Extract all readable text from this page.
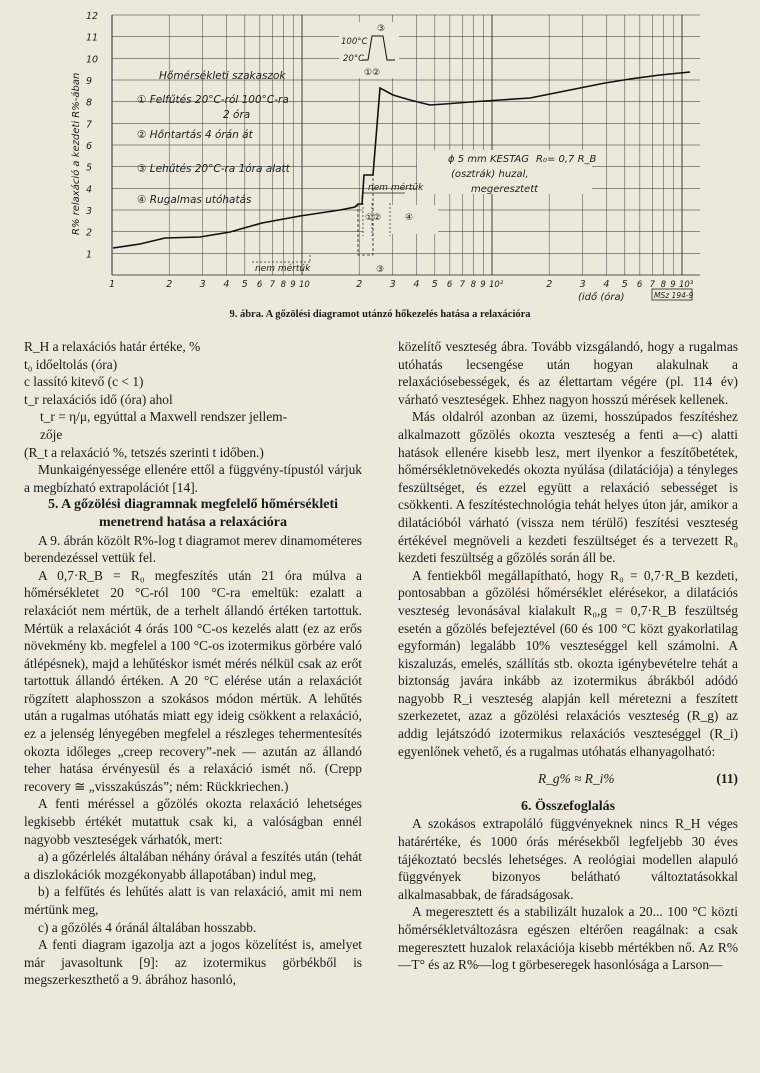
12
11
10
9
8
7
6
5
4
3
2
1
1	2	3 4 5 6 7 8 9 10	2	3 4 5 6 7 8 9 10²	2	3 4 5 6 7 8 9 10³
R% relaxáció a kezdeti R%-ában
(idő (óra)	MSz 194-9
Hőmérsékleti szakaszok
① Felfűtés 20°C-ról 100°C-ra
2 óra
② Hőntartás 4 órán át
③ Lehűtés 20°C-ra 1óra alatt
④ Rugalmas utóhatás
ϕ 5 mm KESTAG
(osztrák) huzal,
megeresztett
R₀= 0,7 R_B
100°C
20°C
①②
③
①②	④
③
nem mértük
nem mértük
9. ábra. A gőzölési diagramot utánzó hőkezelés hatása a relaxációra
R_H a relaxációs határ értéke, %
t₀ időeltolás (óra)
c lassító kitevő (c < 1)
t_r relaxációs idő (óra) ahol
t_r = η/μ, egyúttal a Maxwell rendszer jellem-
zője
(R_t a relaxáció %, tetszés szerinti t időben.)

Munkaigényessége ellenére ettől a függvény-típustól várjuk a megbízható extrapolációt [14].

5. A gőzölési diagramnak megfelelő hőmérsékleti menetrend hatása a relaxációra

A 9. ábrán közölt R%-log t diagramot merev dinamométeres berendezéssel vettük fel.

A 0,7·R_B = R₀ megfeszítés után 21 óra múlva a hőmérsékletet 20 °C-ról 100 °C-ra emeltük: ezalatt a relaxációt nem mértük, de a terhelt állandó értéken tartottuk. Mértük a relaxációt 4 órás 100 °C-os kezelés alatt (ez az erős növekmény kb. megfelel a 100 °C-os izotermikus görbére való átlépésnek), majd a lehűtéskor ismét mérés nélkül csak az erőt tartottuk állandó értéken. A 20 °C elérése után a relaxációt rögzített alaphosszon a szokásos módon mértük. A lehűtés után a rugalmas utóhatás miatt egy ideig csökkent a relaxáció, ez a jelenség lényegében megfelel a részleges tehermentesítés okozta időleges „creep recovery”-nek — azután az állandó teher hatása érvényesül és a relaxáció ismét nő. (Crepp recovery ≅ „visszakúszás”; ném: Rückkriechen.)

A fenti méréssel a gőzölés okozta relaxáció lehetséges legkisebb értékét mutattuk csak ki, a valóságban ennél nagyobb veszteségek várhatók, mert:

a) a gőzérlelés általában néhány órával a feszítés után (tehát a diszlokációk mozgékonyabb állapotában) indul meg,

b) a felfűtés és lehűtés alatt is van relaxáció, amit mi nem mértünk meg,

c) a gőzölés 4 óránál általában hosszabb.

A fenti diagram igazolja azt a jogos közelítést is, amelyet már javasoltunk [9]: az izotermikus görbékből is megszerkeszthető a 9. ábrához hasonló,

közelítő veszteség ábra. Tovább vizsgálandó, hogy a rugalmas utóhatás lecsengése után hogyan alakulnak a relaxációsebességek, és az élettartam végére (pl. 114 év) várható veszteségek. Ehhez nagyon hosszú mérések kellenek.

Más oldalról azonban az üzemi, hosszúpados feszítéshez alkalmazott gőzölés okozta veszteség a fenti a—c) alatti hatások ellenére kisebb lesz, mert ilyenkor a feszítőbetétek, hőmérsékletnövekedés okozta nyúlása (dilatációja) a tényleges feszültséget, és ezzel együtt a relaxáció sebességet is csökkenti. A feszítéstechnológia tehát helyes úton jár, amikor a dilatációból várható (vissza nem térülő) feszítési veszteség értékével megnöveli a kezdeti feszültséget és a tervezett R₀ kezdeti feszültség a gőzölés során áll be.

A fentiekből megállapítható, hogy R₀ = 0,7·R_B kezdeti, pontosabban a gőzölési hőmérséklet elérésekor, a dilatációs veszteség levonásával kialakult R₀,g = 0,7·R_B feszültség esetén a gőzölés befejeztével (60 és 100 °C közt gyakorlatilag egyformán) legalább 10% veszteséggel kell számolni. A kiszaluzás, emelés, szállítás stb. okozta igénybevételre tehát a biztonság javára inkább az izotermikus ábrákból adódó nagyobb R_i veszteség alapján kell méretezni a feszített szerkezetet, azaz a gőzölési relaxációs veszteség (R_g) az addig lejátszódó izotermikus relaxációs veszteséggel (R_i) egyenlőnek vehető, és a rugalmas utóhatás elhanyagolható:

R_g% ≈ R_i%	(11)

6. Összefoglalás

A szokásos extrapoláló függvényeknek nincs R_H véges határértéke, és 1000 órás mérésekből legfeljebb 30 éves tájékoztató becslés lehetséges. A reológiai modellen alapuló függvények bizonyos belátható változtatásokkal alkalmasabbak, de fáradságosak.

A megeresztett és a stabilizált huzalok a 20... 100 °C közti hőmérsékletváltozásra egészen eltérően reagálnak: a csak megeresztett huzalok relaxációja kisebb mértékben nő. Az R%—T° és az R%—log t görbeseregek hasonlósága a Larson—
